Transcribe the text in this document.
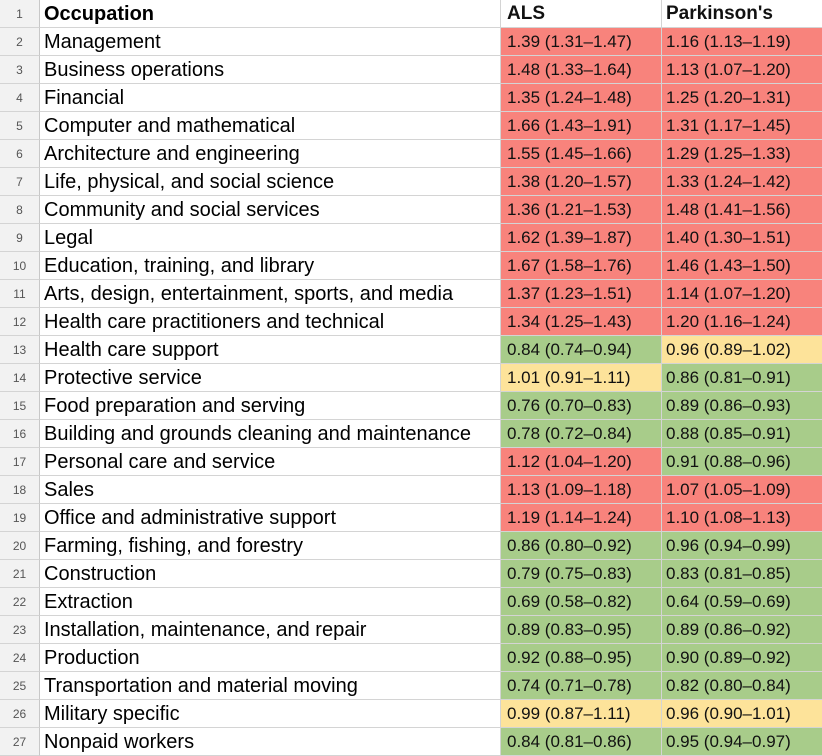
1	Occupation	ALS	Parkinson's
2	Management	1.39 (1.31–1.47)	1.16 (1.13–1.19)
3	Business operations	1.48 (1.33–1.64)	1.13 (1.07–1.20)
4	Financial	1.35 (1.24–1.48)	1.25 (1.20–1.31)
5	Computer and mathematical	1.66 (1.43–1.91)	1.31 (1.17–1.45)
6	Architecture and engineering	1.55 (1.45–1.66)	1.29 (1.25–1.33)
7	Life, physical, and social science	1.38 (1.20–1.57)	1.33 (1.24–1.42)
8	Community and social services	1.36 (1.21–1.53)	1.48 (1.41–1.56)
9	Legal	1.62 (1.39–1.87)	1.40 (1.30–1.51)
10 Education, training, and library	1.67 (1.58–1.76)	1.46 (1.43–1.50)
11 Arts, design, entertainment, sports, and media	1.37 (1.23–1.51)	1.14 (1.07–1.20)
12 Health care practitioners and technical	1.34 (1.25–1.43)	1.20 (1.16–1.24)
13 Health care support	0.84 (0.74–0.94)	0.96 (0.89–1.02)
14 Protective service	1.01 (0.91–1.11)	0.86 (0.81–0.91)
15 Food preparation and serving	0.76 (0.70–0.83)	0.89 (0.86–0.93)
16 Building and grounds cleaning and maintenance	0.78 (0.72–0.84)	0.88 (0.85–0.91)
17 Personal care and service	1.12 (1.04–1.20)	0.91 (0.88–0.96)
18 Sales	1.13 (1.09–1.18)	1.07 (1.05–1.09)
19 Office and administrative support	1.19 (1.14–1.24)	1.10 (1.08–1.13)
20 Farming, fishing, and forestry	0.86 (0.80–0.92)	0.96 (0.94–0.99)
21 Construction	0.79 (0.75–0.83)	0.83 (0.81–0.85)
22 Extraction	0.69 (0.58–0.82)	0.64 (0.59–0.69)
23 Installation, maintenance, and repair	0.89 (0.83–0.95)	0.89 (0.86–0.92)
24 Production	0.92 (0.88–0.95)	0.90 (0.89–0.92)
25 Transportation and material moving	0.74 (0.71–0.78)	0.82 (0.80–0.84)
26 Military specific	0.99 (0.87–1.11)	0.96 (0.90–1.01)
27 Nonpaid workers	0.84 (0.81–0.86)	0.95 (0.94–0.97)
